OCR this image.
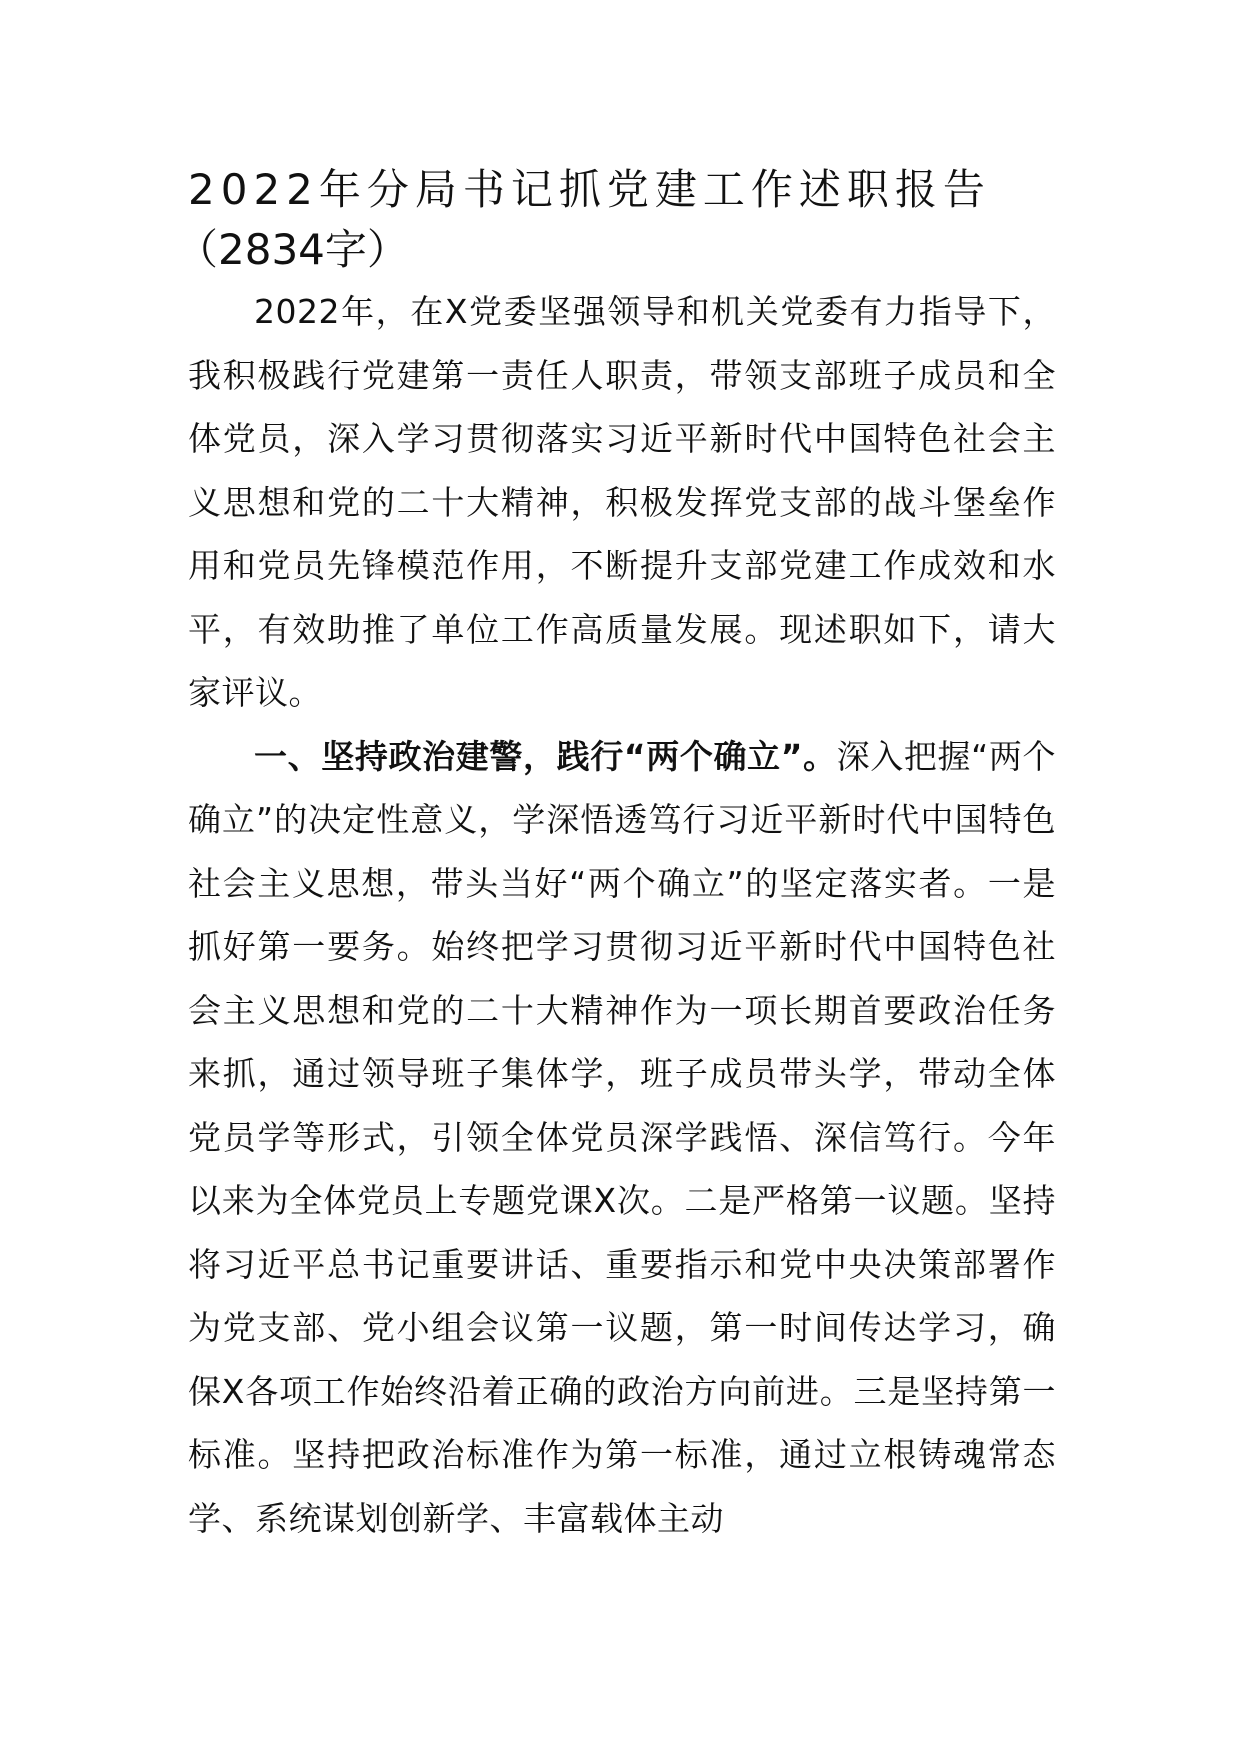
2022年分局书记抓党建工作述职报告
（2834字）

2022年，在X党委坚强领导和机关党委有力指导下，我积极践行党建第一责任人职责，带领支部班子成员和全体党员，深入学习贯彻落实习近平新时代中国特色社会主义思想和党的二十大精神，积极发挥党支部的战斗堡垒作用和党员先锋模范作用，不断提升支部党建工作成效和水平，有效助推了单位工作高质量发展。现述职如下，请大家评议。

一、坚持政治建警，践行“两个确立”。深入把握“两个确立”的决定性意义，学深悟透笃行习近平新时代中国特色社会主义思想，带头当好“两个确立”的坚定落实者。一是抓好第一要务。始终把学习贯彻习近平新时代中国特色社会主义思想和党的二十大精神作为一项长期首要政治任务来抓，通过领导班子集体学，班子成员带头学，带动全体党员学等形式，引领全体党员深学践悟、深信笃行。今年以来为全体党员上专题党课X次。二是严格第一议题。坚持将习近平总书记重要讲话、重要指示和党中央决策部署作为党支部、党小组会议第一议题，第一时间传达学习，确保X各项工作始终沿着正确的政治方向前进。三是坚持第一标准。坚持把政治标准作为第一标准，通过立根铸魂常态学、系统谋划创新学、丰富载体主动
